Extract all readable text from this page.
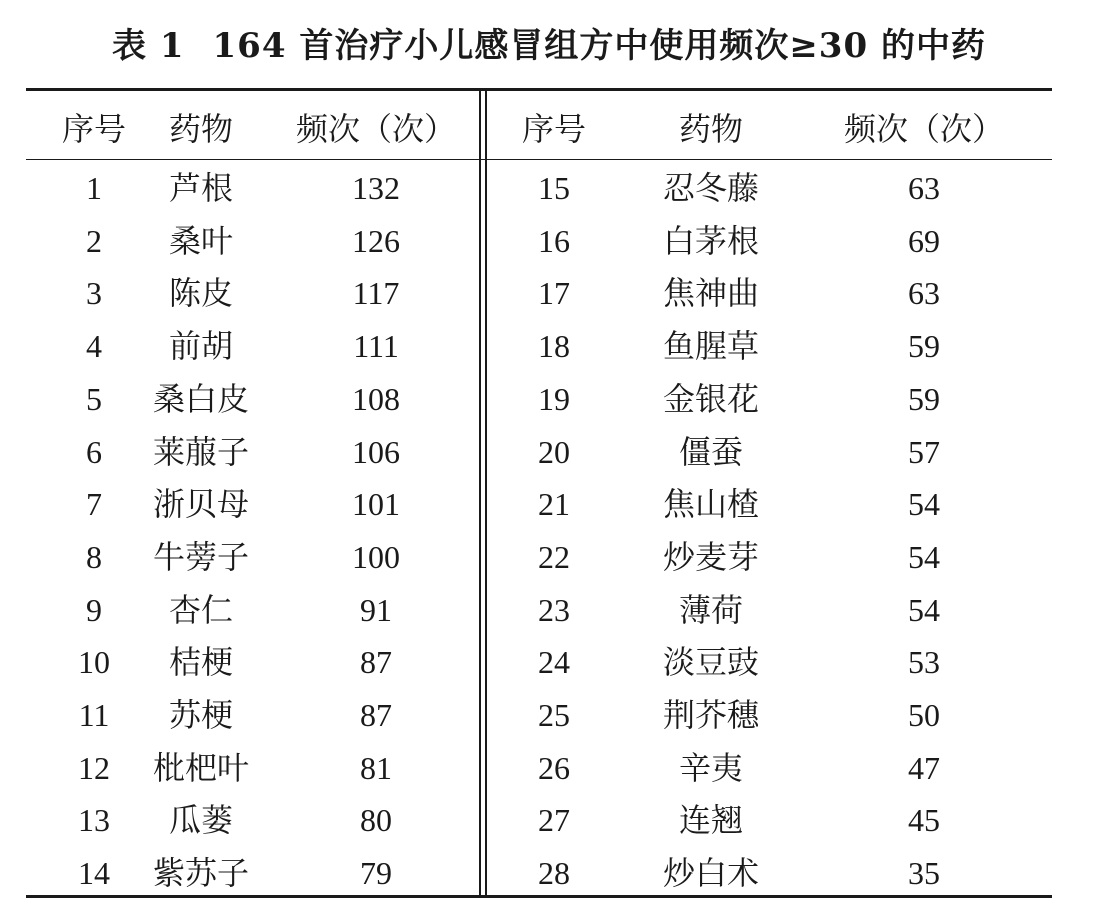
表 1 164 首治疗小儿感冒组方中使用频次≥30 的中药
序号	药物	频次（次）	序号	药物	频次（次）
1	芦根	132	15	忍冬藤	63
2	桑叶	126	16	白茅根	69
3	陈皮	117	17	焦神曲	63
4	前胡	111	18	鱼腥草	59
5	桑白皮	108	19	金银花	59
6	莱菔子	106	20	僵蚕	57
7	浙贝母	101	21	焦山楂	54
8	牛蒡子	100	22	炒麦芽	54
9	杏仁	91	23	薄荷	54
10	桔梗	87	24	淡豆豉	53
11	苏梗	87	25	荆芥穗	50
12	枇杷叶	81	26	辛夷	47
13	瓜蒌	80	27	连翘	45
14	紫苏子	79	28	炒白术	35
